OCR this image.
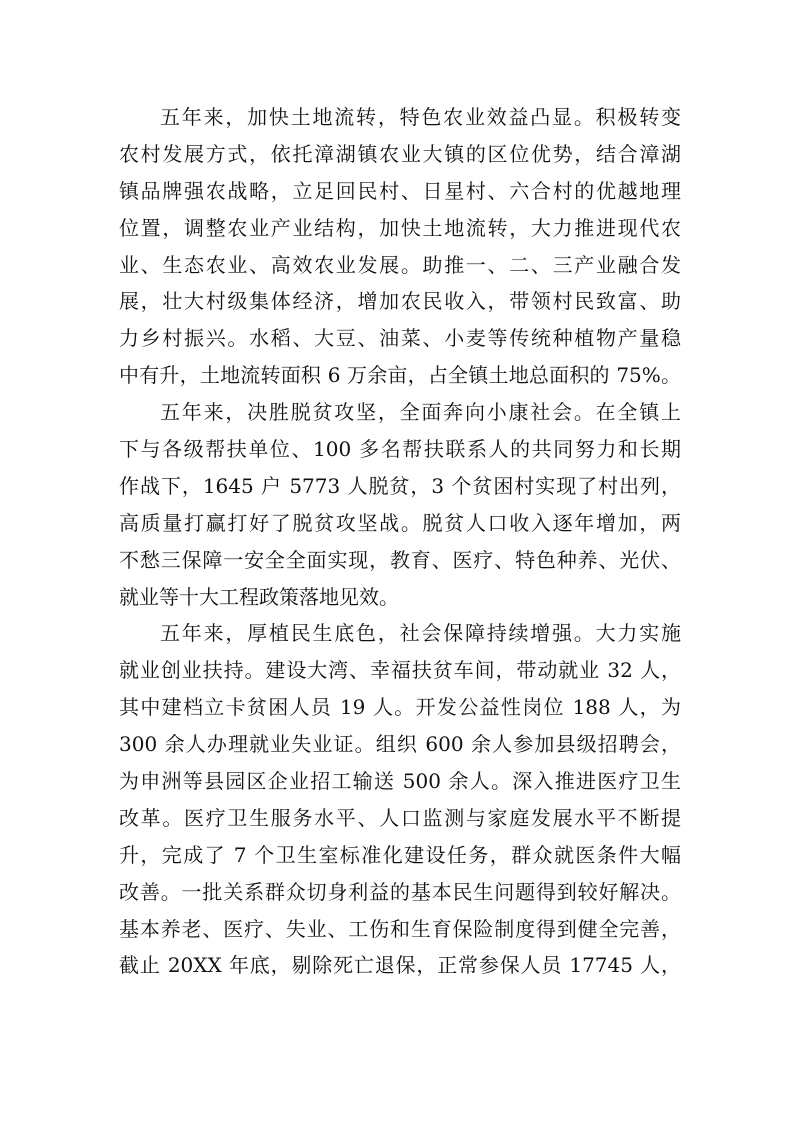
五年来，加快土地流转，特色农业效益凸显。积极转变
农村发展方式，依托漳湖镇农业大镇的区位优势，结合漳湖
镇品牌强农战略，立足回民村、日星村、六合村的优越地理
位置，调整农业产业结构，加快土地流转，大力推进现代农
业、生态农业、高效农业发展。助推一、二、三产业融合发
展，壮大村级集体经济，增加农民收入，带领村民致富、助
力乡村振兴。水稻、大豆、油菜、小麦等传统种植物产量稳
中有升，土地流转面积 6 万余亩，占全镇土地总面积的 75%。
五年来，决胜脱贫攻坚，全面奔向小康社会。在全镇上
下与各级帮扶单位、100 多名帮扶联系人的共同努力和长期
作战下，1645 户 5773 人脱贫，3 个贫困村实现了村出列，
高质量打赢打好了脱贫攻坚战。脱贫人口收入逐年增加，两
不愁三保障一安全全面实现，教育、医疗、特色种养、光伏、
就业等十大工程政策落地见效。
五年来，厚植民生底色，社会保障持续增强。大力实施
就业创业扶持。建设大湾、幸福扶贫车间，带动就业 32 人，
其中建档立卡贫困人员 19 人。开发公益性岗位 188 人，为
300 余人办理就业失业证。组织 600 余人参加县级招聘会，
为申洲等县园区企业招工输送 500 余人。深入推进医疗卫生
改革。医疗卫生服务水平、人口监测与家庭发展水平不断提
升，完成了 7 个卫生室标准化建设任务，群众就医条件大幅
改善。一批关系群众切身利益的基本民生问题得到较好解决。
基本养老、医疗、失业、工伤和生育保险制度得到健全完善，
截止 20XX 年底，剔除死亡退保，正常参保人员 17745 人，
